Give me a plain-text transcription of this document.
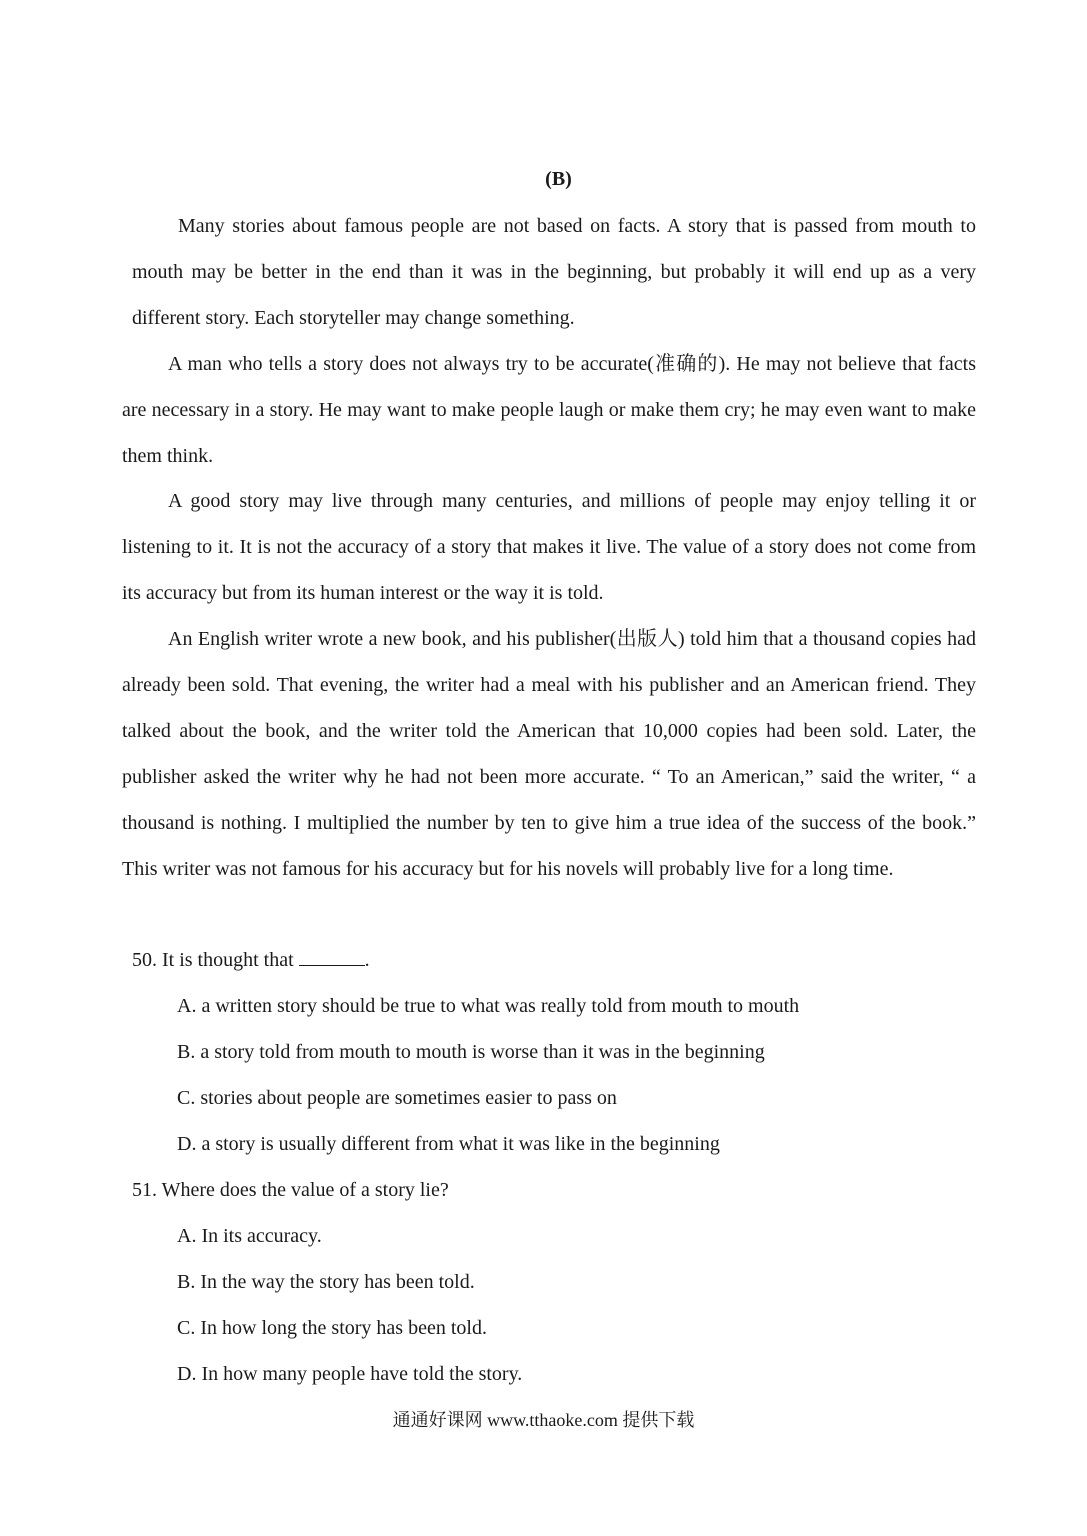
(B)

Many stories about famous people are not based on facts. A story that is passed from mouth to mouth may be better in the end than it was in the beginning, but probably it will end up as a very different story. Each storyteller may change something.

A man who tells a story does not always try to be accurate(准确的). He may not believe that facts are necessary in a story. He may want to make people laugh or make them cry; he may even want to make them think.

A good story may live through many centuries, and millions of people may enjoy telling it or listening to it. It is not the accuracy of a story that makes it live. The value of a story does not come from its accuracy but from its human interest or the way it is told.

An English writer wrote a new book, and his publisher(出版人) told him that a thousand copies had already been sold. That evening, the writer had a meal with his publisher and an American friend. They talked about the book, and the writer told the American that 10,000 copies had been sold. Later, the publisher asked the writer why he had not been more accurate. “ To an American,” said the writer, “ a thousand is nothing. I multiplied the number by ten to give him a true idea of the success of the book.” This writer was not famous for his accuracy but for his novels will probably live for a long time.

50. It is thought that	.

A. a written story should be true to what was really told from mouth to mouth

B. a story told from mouth to mouth is worse than it was in the beginning

C. stories about people are sometimes easier to pass on

D. a story is usually different from what it was like in the beginning

51. Where does the value of a story lie?

A. In its accuracy.

B. In the way the story has been told.

C. In how long the story has been told.

D. In how many people have told the story.

通通好课网 www.tthaoke.com 提供下载
